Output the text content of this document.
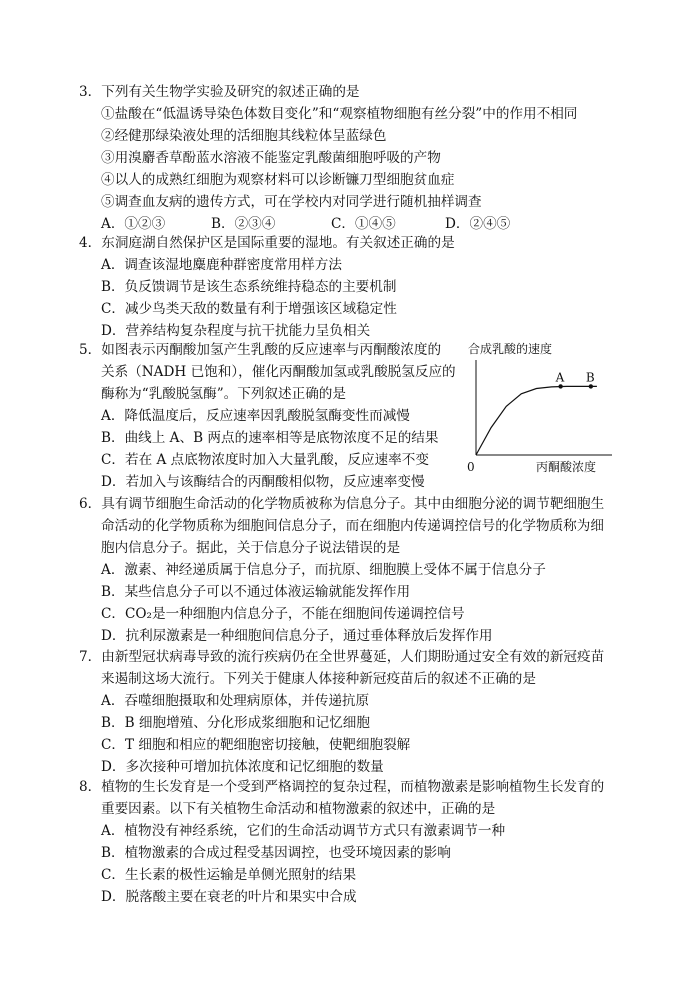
3．下列有关生物学实验及研究的叙述正确的是
①盐酸在“低温诱导染色体数目变化”和“观察植物细胞有丝分裂”中的作用不相同
②经健那绿染液处理的活细胞其线粒体呈蓝绿色
③用溴麝香草酚蓝水溶液不能鉴定乳酸菌细胞呼吸的产物
④以人的成熟红细胞为观察材料可以诊断镰刀型细胞贫血症
⑤调查血友病的遗传方式，可在学校内对同学进行随机抽样调查
A．①②③	B．②③④	C．①④⑤	D．②④⑤
4．东洞庭湖自然保护区是国际重要的湿地。有关叙述正确的是
A．调查该湿地麋鹿种群密度常用样方法
B．负反馈调节是该生态系统维持稳态的主要机制
C．减少鸟类天敌的数量有利于增强该区域稳定性
D．营养结构复杂程度与抗干扰能力呈负相关
5．如图表示丙酮酸加氢产生乳酸的反应速率与丙酮酸浓度的
关系（NADH 已饱和），催化丙酮酸加氢或乳酸脱氢反应的
酶称为“乳酸脱氢酶”。下列叙述正确的是
A．降低温度后，反应速率因乳酸脱氢酶变性而减慢
B．曲线上 A、B 两点的速率相等是底物浓度不足的结果
C．若在 A 点底物浓度时加入大量乳酸，反应速率不变
D．若加入与该酶结合的丙酮酸相似物，反应速率变慢
合成乳酸的速度
0	丙酮酸浓度
A B
6．具有调节细胞生命活动的化学物质被称为信息分子。其中由细胞分泌的调节靶细胞生
命活动的化学物质称为细胞间信息分子，而在细胞内传递调控信号的化学物质称为细
胞内信息分子。据此，关于信息分子说法错误的是
A．激素、神经递质属于信息分子，而抗原、细胞膜上受体不属于信息分子
B．某些信息分子可以不通过体液运输就能发挥作用
C．CO₂是一种细胞内信息分子，不能在细胞间传递调控信号
D．抗利尿激素是一种细胞间信息分子，通过垂体释放后发挥作用
7．由新型冠状病毒导致的流行疾病仍在全世界蔓延，人们期盼通过安全有效的新冠疫苗
来遏制这场大流行。下列关于健康人体接种新冠疫苗后的叙述不正确的是
A．吞噬细胞摄取和处理病原体，并传递抗原
B．B 细胞增殖、分化形成浆细胞和记忆细胞
C．T 细胞和相应的靶细胞密切接触，使靶细胞裂解
D．多次接种可增加抗体浓度和记忆细胞的数量
8．植物的生长发育是一个受到严格调控的复杂过程，而植物激素是影响植物生长发育的
重要因素。以下有关植物生命活动和植物激素的叙述中，正确的是
A．植物没有神经系统，它们的生命活动调节方式只有激素调节一种
B．植物激素的合成过程受基因调控，也受环境因素的影响
C．生长素的极性运输是单侧光照射的结果
D．脱落酸主要在衰老的叶片和果实中合成
